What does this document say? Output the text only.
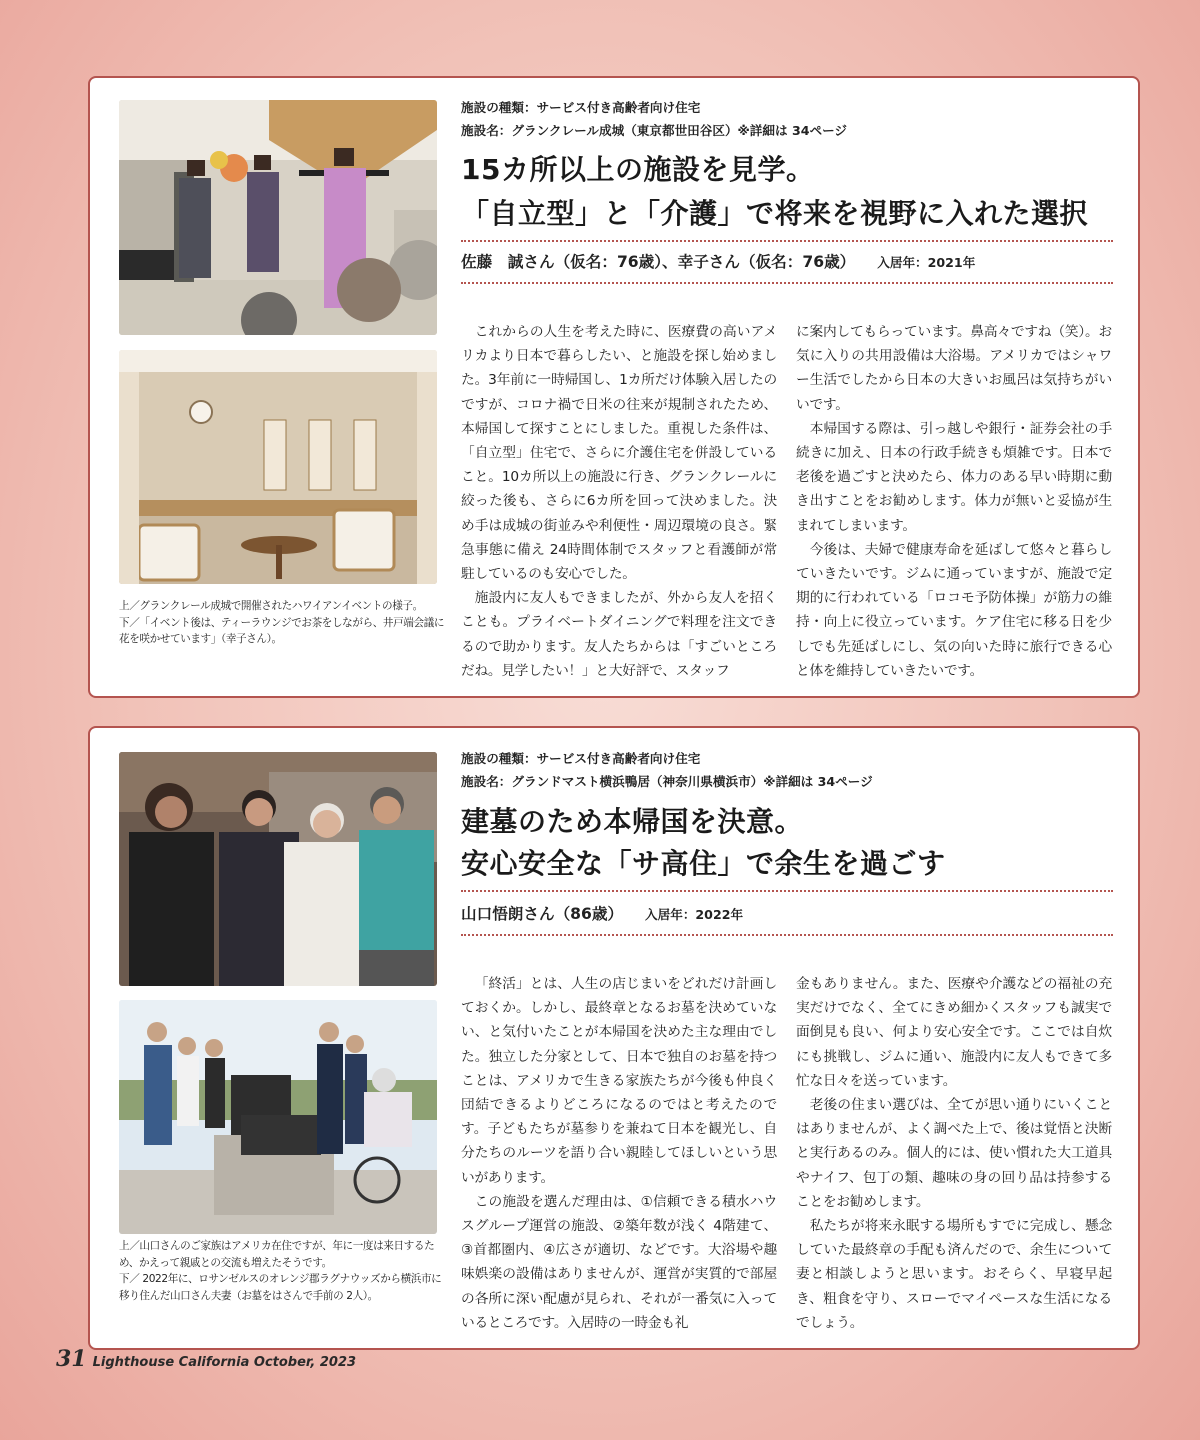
上／グランクレール成城で開催されたハワイアンイベントの様子。
下／「イベント後は、ティーラウンジでお茶をしながら、井戸端会議に花を咲かせています」（幸子さん）。
施設の種類：サービス付き高齢者向け住宅
施設名：グランクレール成城（東京都世田谷区）※詳細は 34ページ
15カ所以上の施設を見学。
「自立型」と「介護」で将来を視野に入れた選択
佐藤　誠さん（仮名：76歳）、幸子さん（仮名：76歳） 入居年：2021年

これからの人生を考えた時に、医療費の高いアメリカより日本で暮らしたい、と施設を探し始めました。3年前に一時帰国し、1カ所だけ体験入居したのですが、コロナ禍で日米の往来が規制されたため、本帰国して探すことにしました。重視した条件は、「自立型」住宅で、さらに介護住宅を併設していること。10カ所以上の施設に行き、グランクレールに絞った後も、さらに6カ所を回って決めました。決め手は成城の街並みや利便性・周辺環境の良さ。緊急事態に備え 24時間体制でスタッフと看護師が常駐しているのも安心でした。

施設内に友人もできましたが、外から友人を招くことも。プライベートダイニングで料理を注文できるので助かります。友人たちからは「すごいところだね。見学したい！」と大好評で、スタッフ

に案内してもらっています。鼻高々ですね（笑）。お気に入りの共用設備は大浴場。アメリカではシャワー生活でしたから日本の大きいお風呂は気持ちがいいです。

本帰国する際は、引っ越しや銀行・証券会社の手続きに加え、日本の行政手続きも煩雑です。日本で老後を過ごすと決めたら、体力のある早い時期に動き出すことをお勧めします。体力が無いと妥協が生まれてしまいます。

今後は、夫婦で健康寿命を延ばして悠々と暮らしていきたいです。ジムに通っていますが、施設で定期的に行われている「ロコモ予防体操」が筋力の維持・向上に役立っています。ケア住宅に移る日を少しでも先延ばしにし、気の向いた時に旅行できる心と体を維持していきたいです。

上／山口さんのご家族はアメリカ在住ですが、年に一度は来日するため、かえって親戚との交流も増えたそうです。
下／ 2022年に、ロサンゼルスのオレンジ郡ラグナウッズから横浜市に移り住んだ山口さん夫妻（お墓をはさんで手前の 2人）。
施設の種類：サービス付き高齢者向け住宅
施設名：グランドマスト横浜鴨居（神奈川県横浜市）※詳細は 34ページ
建墓のため本帰国を決意。
安心安全な「サ高住」で余生を過ごす
山口悟朗さん（86歳） 入居年：2022年

「終活」とは、人生の店じまいをどれだけ計画しておくか。しかし、最終章となるお墓を決めていない、と気付いたことが本帰国を決めた主な理由でした。独立した分家として、日本で独自のお墓を持つことは、アメリカで生きる家族たちが今後も仲良く団結できるよりどころになるのではと考えたのです。子どもたちが墓参りを兼ねて日本を観光し、自分たちのルーツを語り合い親睦してほしいという思いがあります。

この施設を選んだ理由は、①信頼できる積水ハウスグループ運営の施設、②築年数が浅く 4階建て、③首都圏内、④広さが適切、などです。大浴場や趣味娯楽の設備はありませんが、運営が実質的で部屋の各所に深い配慮が見られ、それが一番気に入っているところです。入居時の一時金も礼

金もありません。また、医療や介護などの福祉の充実だけでなく、全てにきめ細かくスタッフも誠実で面倒見も良い、何より安心安全です。ここでは自炊にも挑戦し、ジムに通い、施設内に友人もできて多忙な日々を送っています。

老後の住まい選びは、全てが思い通りにいくことはありませんが、よく調べた上で、後は覚悟と決断と実行あるのみ。個人的には、使い慣れた大工道具やナイフ、包丁の類、趣味の身の回り品は持参することをお勧めします。

私たちが将来永眠する場所もすでに完成し、懸念していた最終章の手配も済んだので、余生について妻と相談しようと思います。おそらく、早寝早起き、粗食を守り、スローでマイペースな生活になるでしょう。

31 Lighthouse California October, 2023
